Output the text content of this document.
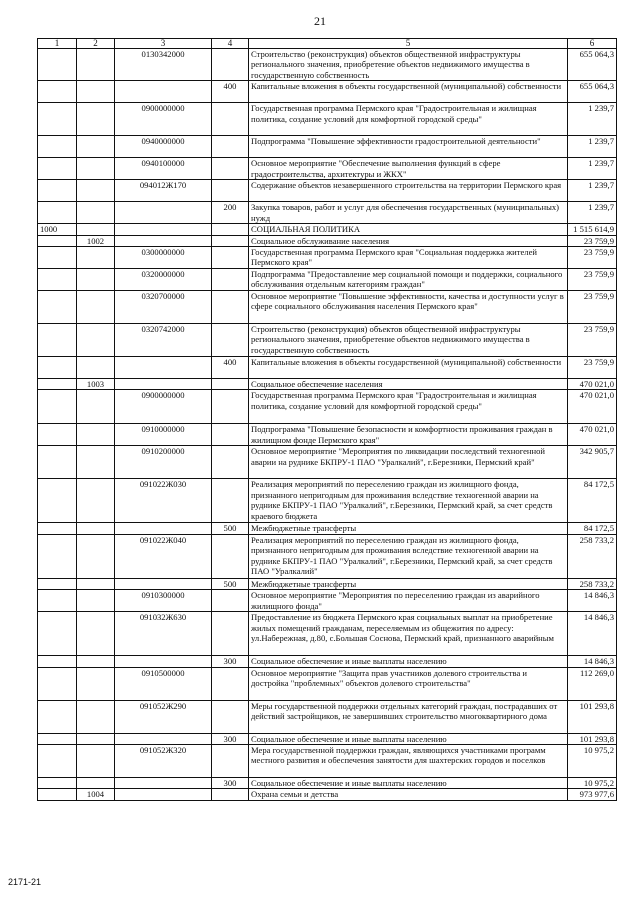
21
1	2	3	4	5	6
		0130342000		Строительство (реконструкция) объектов общественной инфраструктуры регионального значения, приобретение объектов недвижимого имущества в государственную собственность	655 064,3
			400	Капитальные вложения в объекты государственной (муниципальной) собственности	655 064,3
		0900000000		Государственная программа Пермского края "Градостроительная и жилищная политика, создание условий для комфортной городской среды"	1 239,7
		0940000000		Подпрограмма "Повышение эффективности градостроительной деятельности"	1 239,7
		0940100000		Основное мероприятие "Обеспечение выполнения функций в сфере градостроительства, архитектуры и ЖКХ"	1 239,7
		094012Ж170		Содержание объектов незавершенного строительства на территории Пермского края	1 239,7
			200	Закупка товаров, работ и услуг для обеспечения государственных (муниципальных) нужд	1 239,7
1000				СОЦИАЛЬНАЯ ПОЛИТИКА	1 515 614,9
	1002			Социальное обслуживание населения	23 759,9
		0300000000		Государственная программа Пермского края "Социальная поддержка жителей Пермского края"	23 759,9
		0320000000		Подпрограмма "Предоставление мер социальной помощи и поддержки, социального обслуживания отдельным категориям граждан"	23 759,9
		0320700000		Основное мероприятие "Повышение эффективности, качества и доступности услуг в сфере социального обслуживания населения Пермского края"	23 759,9
		0320742000		Строительство (реконструкция) объектов общественной инфраструктуры регионального значения, приобретение объектов недвижимого имущества в государственную собственность	23 759,9
			400	Капитальные вложения в объекты государственной (муниципальной) собственности	23 759,9
	1003			Социальное обеспечение населения	470 021,0
		0900000000		Государственная программа Пермского края "Градостроительная и жилищная политика, создание условий для комфортной городской среды"	470 021,0
		0910000000		Подпрограмма "Повышение безопасности и комфортности проживания граждан в жилищном фонде Пермского края"	470 021,0
		0910200000		Основное мероприятие "Мероприятия по ликвидации последствий техногенной аварии на руднике БКПРУ-1 ПАО "Уралкалий", г.Березники, Пермский край"	342 905,7
		091022Ж030		Реализация мероприятий по переселению граждан из жилищного фонда, признанного непригодным для проживания вследствие техногенной аварии на руднике БКПРУ-1 ПАО "Уралкалий", г.Березники, Пермский край, за счет средств краевого бюджета	84 172,5
			500	Межбюджетные трансферты	84 172,5
		091022Ж040		Реализация мероприятий по переселению граждан из жилищного фонда, признанного непригодным для проживания вследствие техногенной аварии на руднике БКПРУ-1 ПАО "Уралкалий", г.Березники, Пермский край, за счет средств ПАО "Уралкалий"	258 733,2
			500	Межбюджетные трансферты	258 733,2
		0910300000		Основное мероприятие "Мероприятия по переселению граждан из аварийного жилищного фонда"	14 846,3
		091032Ж630		Предоставление из бюджета Пермского края социальных выплат на приобретение жилых помещений гражданам, переселяемым из общежития по адресу: ул.Набережная, д.80, с.Большая Соснова, Пермский край, признанного аварийным	14 846,3
			300	Социальное обеспечение и иные выплаты населению	14 846,3
		0910500000		Основное мероприятие "Защита прав участников долевого строительства и достройка "проблемных" объектов долевого строительства"	112 269,0
		091052Ж290		Меры государственной поддержки отдельных категорий граждан, пострадавших от действий застройщиков, не завершивших строительство многоквартирного дома	101 293,8
			300	Социальное обеспечение и иные выплаты населению	101 293,8
		091052Ж320		Мера государственной поддержки граждан, являющихся участниками программ местного развития и обеспечения занятости для шахтерских городов и поселков	10 975,2
			300	Социальное обеспечение и иные выплаты населению	10 975,2
	1004			Охрана семьи и детства	973 977,6
2171-21
